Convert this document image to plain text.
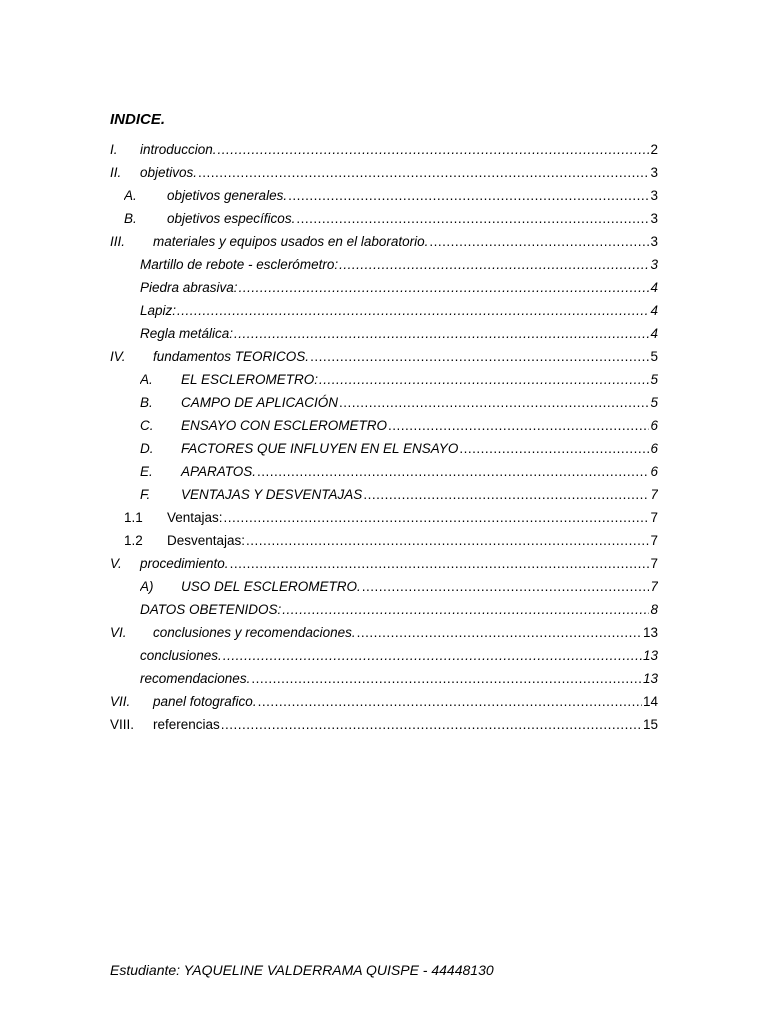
INDICE.
I.	introduccion. .....	2
II.	objetivos. .....	3
A.	objetivos generales. .....	3
B.	objetivos específicos. .....	3
III.	materiales y equipos usados en el laboratorio. .....	3
Martillo de rebote - esclerómetro: .....	3
Piedra abrasiva: .....	4
Lapiz: .....	4
Regla metálica: .....	4
IV.	fundamentos TEORICOS. .....	5
A.	EL ESCLEROMETRO: .....	5
B.	CAMPO DE APLICACIÓN .....	5
C.	ENSAYO CON ESCLEROMETRO .....	6
D.	FACTORES QUE INFLUYEN EN EL ENSAYO .....	6
E.	APARATOS. .....	6
F.	VENTAJAS Y DESVENTAJAS .....	7
1.1	Ventajas: .....	7
1.2	Desventajas: .....	7
V.	procedimiento. .....	7
A)	USO DEL ESCLEROMETRO. .....	7
DATOS OBETENIDOS: .....	8
VI.	conclusiones y recomendaciones. .....	13
conclusiones. .....	13
recomendaciones. .....	13
VII.	panel fotografico. .....	14
VIII.	referencias .....	15
Estudiante: YAQUELINE VALDERRAMA QUISPE - 44448130
